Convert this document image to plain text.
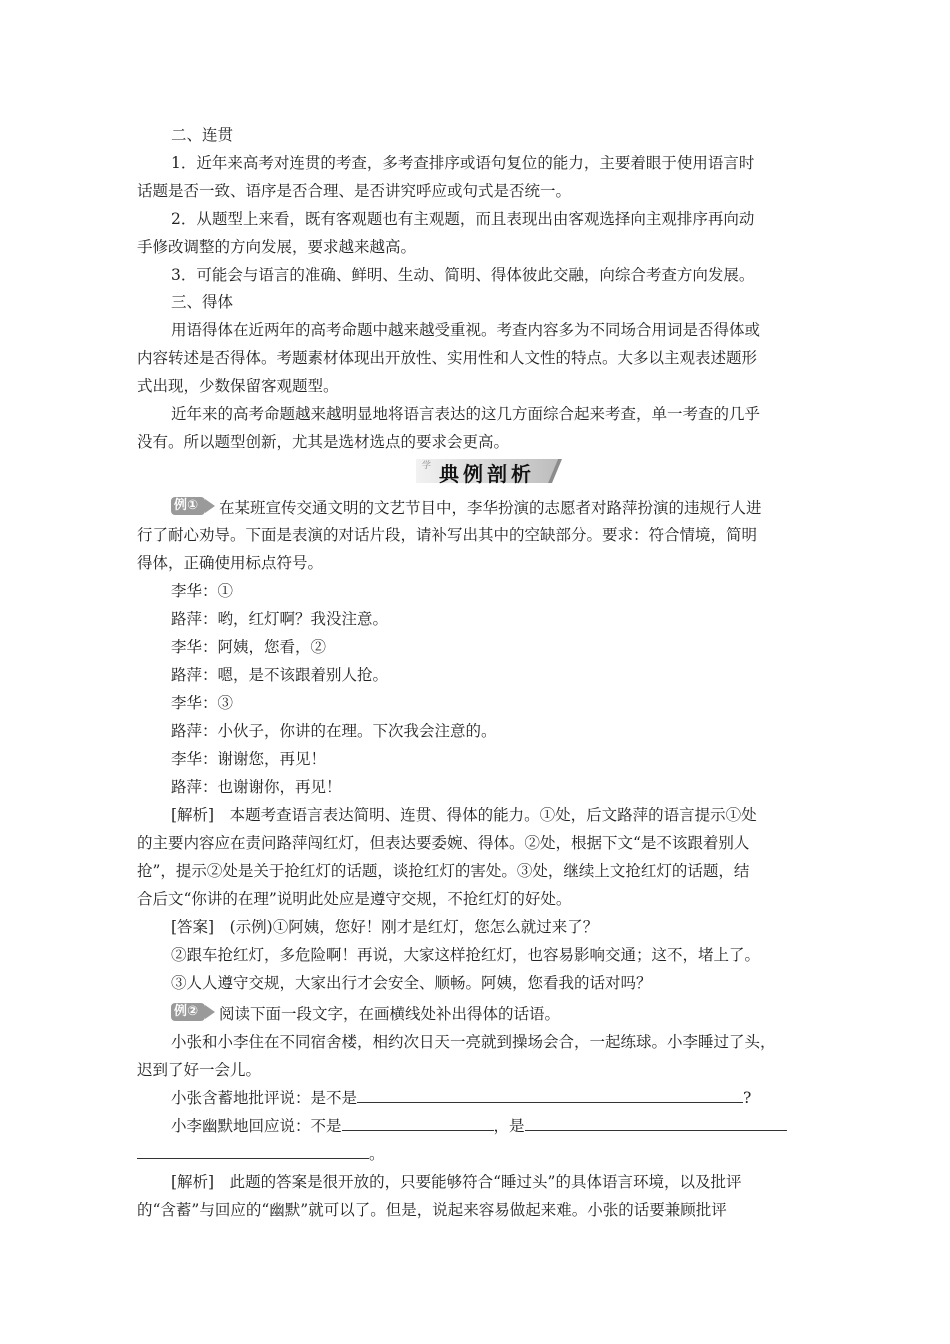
二、连贯
1．近年来高考对连贯的考查，多考查排序或语句复位的能力，主要着眼于使用语言时
话题是否一致、语序是否合理、是否讲究呼应或句式是否统一。
2．从题型上来看，既有客观题也有主观题，而且表现出由客观选择向主观排序再向动
手修改调整的方向发展，要求越来越高。
3．可能会与语言的准确、鲜明、生动、简明、得体彼此交融，向综合考查方向发展。
三、得体
用语得体在近两年的高考命题中越来越受重视。考查内容多为不同场合用词是否得体或
内容转述是否得体。考题素材体现出开放性、实用性和人文性的特点。大多以主观表述题形
式出现，少数保留客观题型。
近年来的高考命题越来越明显地将语言表达的这几方面综合起来考查，单一考查的几乎
没有。所以题型创新，尤其是选材选点的要求会更高。
学 典例剖析
例① 在某班宣传交通文明的文艺节目中，李华扮演的志愿者对路萍扮演的违规行人进
行了耐心劝导。下面是表演的对话片段，请补写出其中的空缺部分。要求：符合情境，简明
得体，正确使用标点符号。
李华：①
路萍：哟，红灯啊？我没注意。
李华：阿姨，您看，②
路萍：嗯，是不该跟着别人抢。
李华：③
路萍：小伙子，你讲的在理。下次我会注意的。
李华：谢谢您，再见！
路萍：也谢谢你，再见！
[解析]　本题考查语言表达简明、连贯、得体的能力。①处，后文路萍的语言提示①处
的主要内容应在责问路萍闯红灯，但表达要委婉、得体。②处，根据下文“是不该跟着别人
抢”，提示②处是关于抢红灯的话题，谈抢红灯的害处。③处，继续上文抢红灯的话题，结
合后文“你讲的在理”说明此处应是遵守交规，不抢红灯的好处。
[答案]　(示例)①阿姨，您好！刚才是红灯，您怎么就过来了？
②跟车抢红灯，多危险啊！再说，大家这样抢红灯，也容易影响交通；这不，堵上了。
③人人遵守交规，大家出行才会安全、顺畅。阿姨，您看我的话对吗？
例② 阅读下面一段文字，在画横线处补出得体的话语。
小张和小李住在不同宿舍楼，相约次日天一亮就到操场会合，一起练球。小李睡过了头，
迟到了好一会儿。
小张含蓄地批评说：是不是	?
小李幽默地回应说：不是	，是
。
[解析]　此题的答案是很开放的，只要能够符合“睡过头”的具体语言环境，以及批评
的“含蓄”与回应的“幽默”就可以了。但是，说起来容易做起来难。小张的话要兼顾批评
